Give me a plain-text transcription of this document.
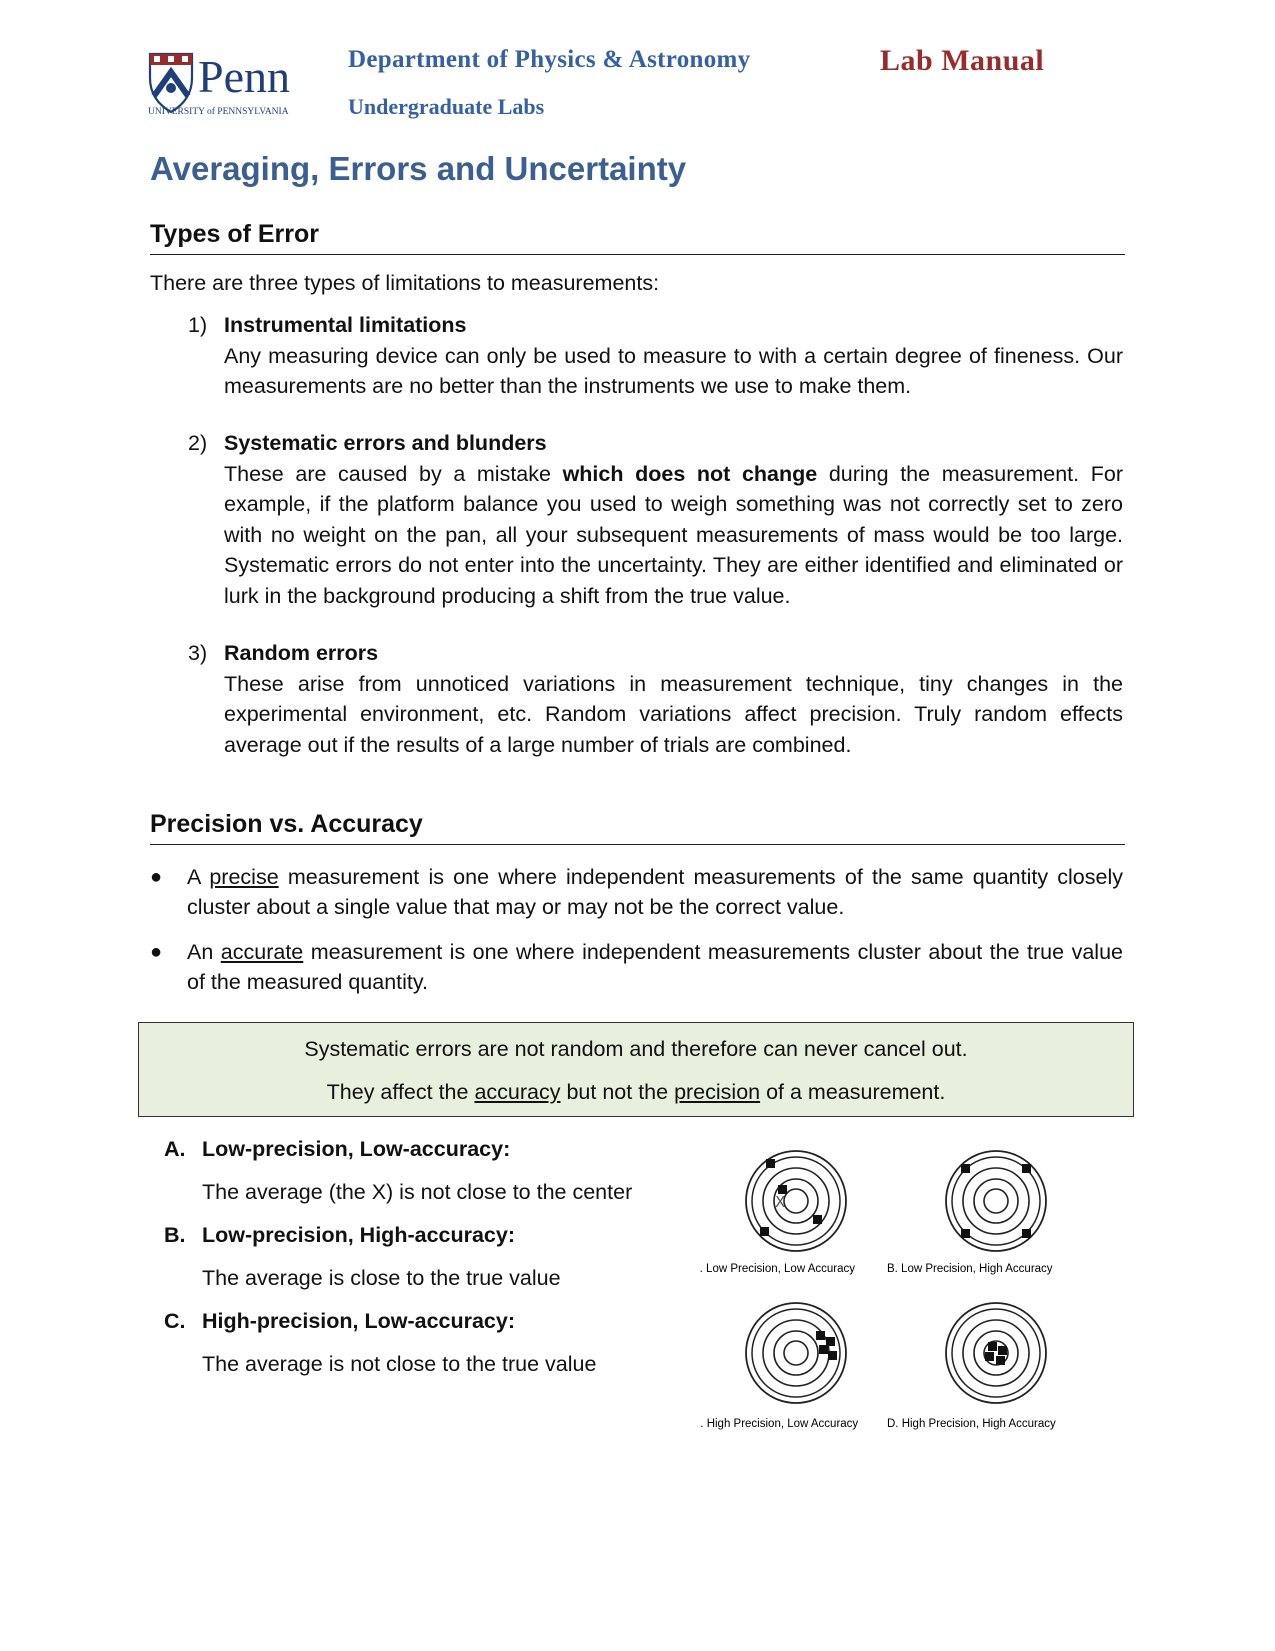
Penn
UNIVERSITY of PENNSYLVANIA
Department of Physics & Astronomy
Undergraduate Labs
Lab Manual
Averaging, Errors and Uncertainty
Types of Error
There are three types of limitations to measurements:
1) Instrumental limitations
Any measuring device can only be used to measure to with a certain degree of fineness. Our measurements are no better than the instruments we use to make them.
2) Systematic errors and blunders
These are caused by a mistake which does not change during the measurement. For example, if the platform balance you used to weigh something was not correctly set to zero with no weight on the pan, all your subsequent measurements of mass would be too large. Systematic errors do not enter into the uncertainty. They are either identified and eliminated or lurk in the background producing a shift from the true value.
3) Random errors
These arise from unnoticed variations in measurement technique, tiny changes in the experimental environment, etc. Random variations affect precision. Truly random effects average out if the results of a large number of trials are combined.
Precision vs. Accuracy
● A precise measurement is one where independent measurements of the same quantity closely cluster about a single value that may or may not be the correct value.
● An accurate measurement is one where independent measurements cluster about the true value of the measured quantity.
Systematic errors are not random and therefore can never cancel out.
They affect the accuracy but not the precision of a measurement.
A. Low-precision, Low-accuracy:
The average (the X) is not close to the center
B. Low-precision, High-accuracy:
The average is close to the true value
C. High-precision, Low-accuracy:
The average is not close to the true value
X
A. Low Precision, Low Accuracy	B. Low Precision, High Accuracy
C. High Precision, Low Accuracy	D. High Precision, High Accuracy
